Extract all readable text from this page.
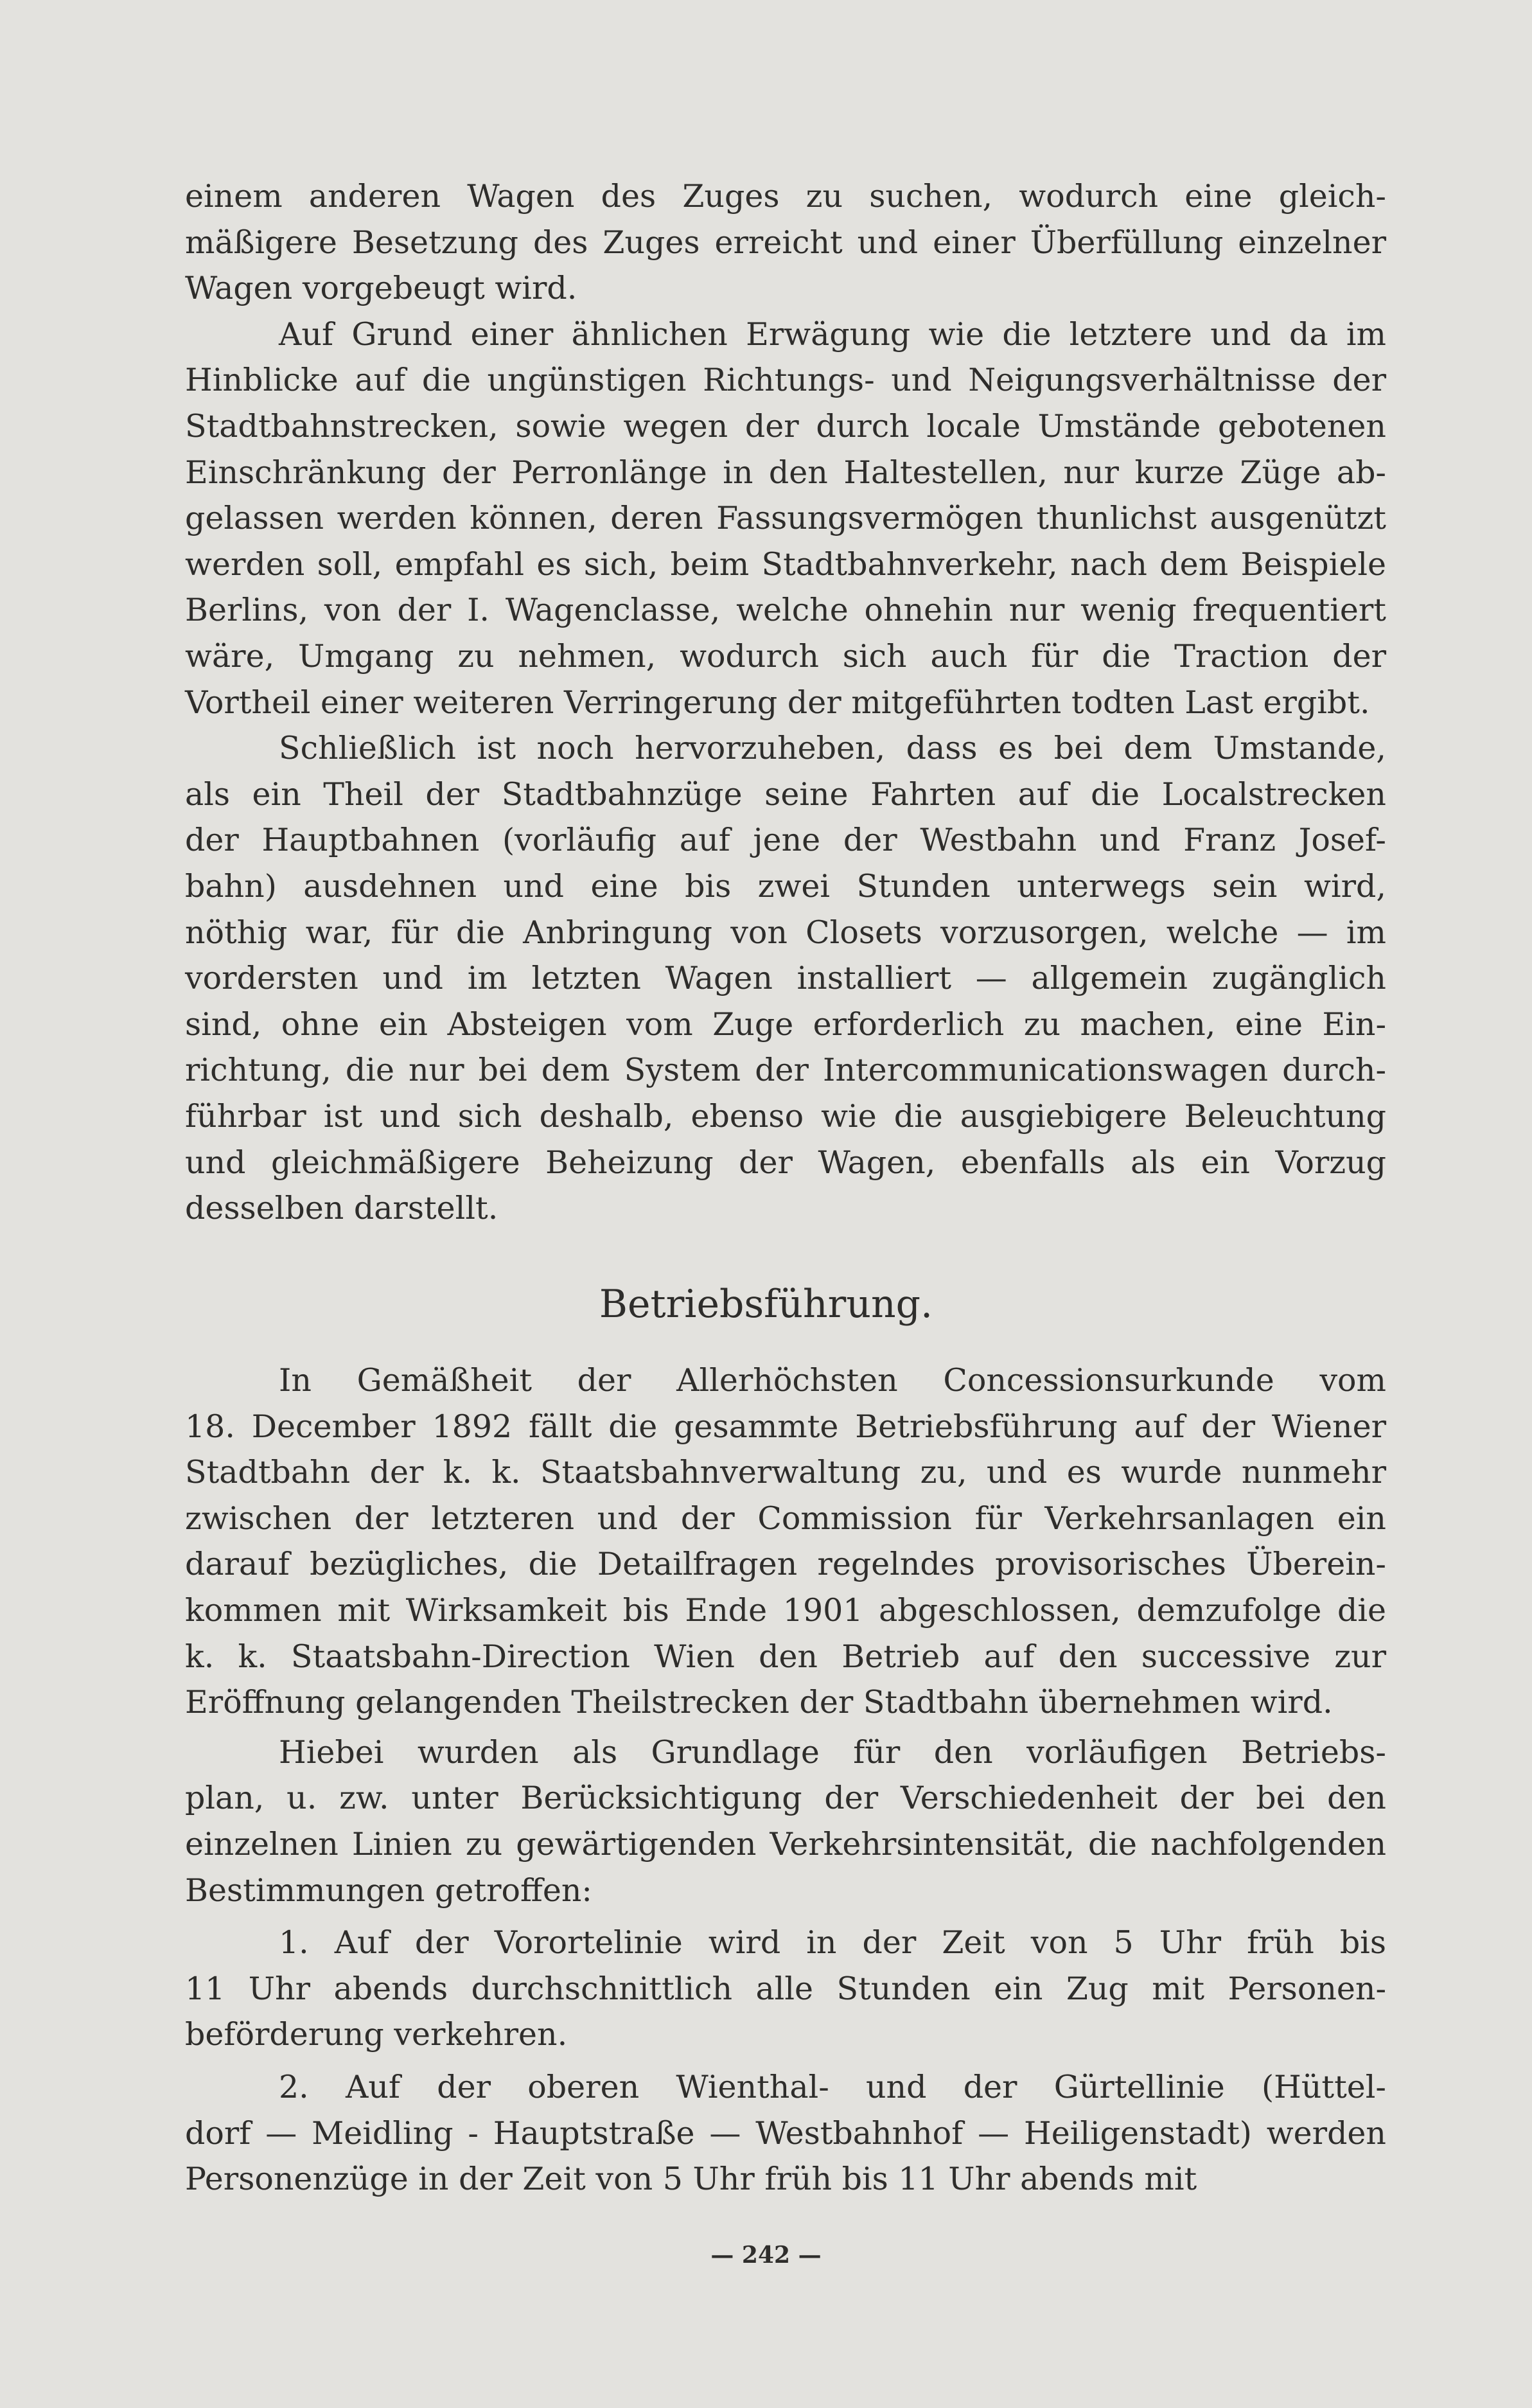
einem anderen Wagen des Zuges zu suchen, wodurch eine gleich-
mäßigere Besetzung des Zuges erreicht und einer Überfüllung einzelner
Wagen vorgebeugt wird.
Auf Grund einer ähnlichen Erwägung wie die letztere und da im
Hinblicke auf die ungünstigen Richtungs- und Neigungsverhältnisse der
Stadtbahnstrecken, sowie wegen der durch locale Umstände gebotenen
Einschränkung der Perronlänge in den Haltestellen, nur kurze Züge ab-
gelassen werden können, deren Fassungsvermögen thunlichst ausgenützt
werden soll, empfahl es sich, beim Stadtbahnverkehr, nach dem Beispiele
Berlins, von der I. Wagenclasse, welche ohnehin nur wenig frequentiert
wäre, Umgang zu nehmen, wodurch sich auch für die Traction der
Vortheil einer weiteren Verringerung der mitgeführten todten Last ergibt.
Schließlich ist noch hervorzuheben, dass es bei dem Umstande,
als ein Theil der Stadtbahnzüge seine Fahrten auf die Localstrecken
der Hauptbahnen (vorläufig auf jene der Westbahn und Franz Josef-
bahn) ausdehnen und eine bis zwei Stunden unterwegs sein wird,
nöthig war, für die Anbringung von Closets vorzusorgen, welche — im
vordersten und im letzten Wagen installiert — allgemein zugänglich
sind, ohne ein Absteigen vom Zuge erforderlich zu machen, eine Ein-
richtung, die nur bei dem System der Intercommunicationswagen durch-
führbar ist und sich deshalb, ebenso wie die ausgiebigere Beleuchtung
und gleichmäßigere Beheizung der Wagen, ebenfalls als ein Vorzug
desselben darstellt.
Betriebsführung.
In Gemäßheit der Allerhöchsten Concessionsurkunde vom
18. December 1892 fällt die gesammte Betriebsführung auf der Wiener
Stadtbahn der k. k. Staatsbahnverwaltung zu, und es wurde nunmehr
zwischen der letzteren und der Commission für Verkehrsanlagen ein
darauf bezügliches, die Detailfragen regelndes provisorisches Überein-
kommen mit Wirksamkeit bis Ende 1901 abgeschlossen, demzufolge die
k. k. Staatsbahn-Direction Wien den Betrieb auf den successive zur
Eröffnung gelangenden Theilstrecken der Stadtbahn übernehmen wird.
Hiebei wurden als Grundlage für den vorläufigen Betriebs-
plan, u. zw. unter Berücksichtigung der Verschiedenheit der bei den
einzelnen Linien zu gewärtigenden Verkehrsintensität, die nachfolgenden
Bestimmungen getroffen:
1. Auf der Vorortelinie wird in der Zeit von 5 Uhr früh bis
11 Uhr abends durchschnittlich alle Stunden ein Zug mit Personen-
beförderung verkehren.
2. Auf der oberen Wienthal- und der Gürtellinie (Hüttel-
dorf — Meidling - Hauptstraße — Westbahnhof — Heiligenstadt) werden
Personenzüge in der Zeit von 5 Uhr früh bis 11 Uhr abends mit
— 242 —
